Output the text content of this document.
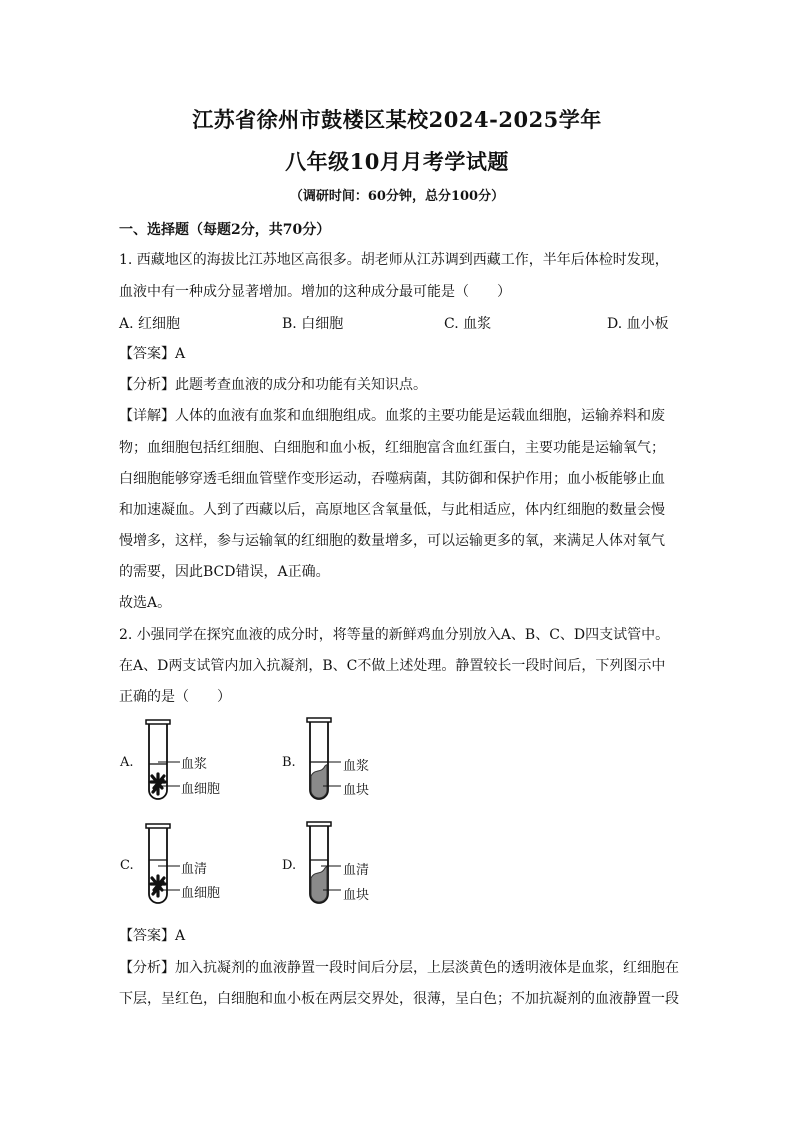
江苏省徐州市鼓楼区某校2024-2025学年
八年级10月月考学试题
（调研时间：60分钟，总分100分）
一、选择题（每题2分，共70分）
1. 西藏地区的海拔比江苏地区高很多。胡老师从江苏调到西藏工作，半年后体检时发现，
血液中有一种成分显著增加。增加的这种成分最可能是（　　）
A. 红细胞	B. 白细胞	C. 血浆	D. 血小板
【答案】A
【分析】此题考查血液的成分和功能有关知识点。
【详解】人体的血液有血浆和血细胞组成。血浆的主要功能是运载血细胞，运输养料和废
物；血细胞包括红细胞、白细胞和血小板，红细胞富含血红蛋白，主要功能是运输氧气；
白细胞能够穿透毛细血管壁作变形运动，吞噬病菌，其防御和保护作用；血小板能够止血
和加速凝血。人到了西藏以后，高原地区含氧量低，与此相适应，体内红细胞的数量会慢
慢增多，这样，参与运输氧的红细胞的数量增多，可以运输更多的氧，来满足人体对氧气
的需要，因此BCD错误，A正确。
故选A。
2. 小强同学在探究血液的成分时，将等量的新鲜鸡血分别放入A、B、C、D四支试管中。
在A、D两支试管内加入抗凝剂，B、C不做上述处理。静置较长一段时间后，下列图示中
正确的是（　　）
A.	血浆
血细胞
B.	血浆
血块
C.	血清
血细胞
D.	血清
血块
【答案】A
【分析】加入抗凝剂的血液静置一段时间后分层，上层淡黄色的透明液体是血浆，红细胞在
下层，呈红色，白细胞和血小板在两层交界处，很薄，呈白色；不加抗凝剂的血液静置一段
